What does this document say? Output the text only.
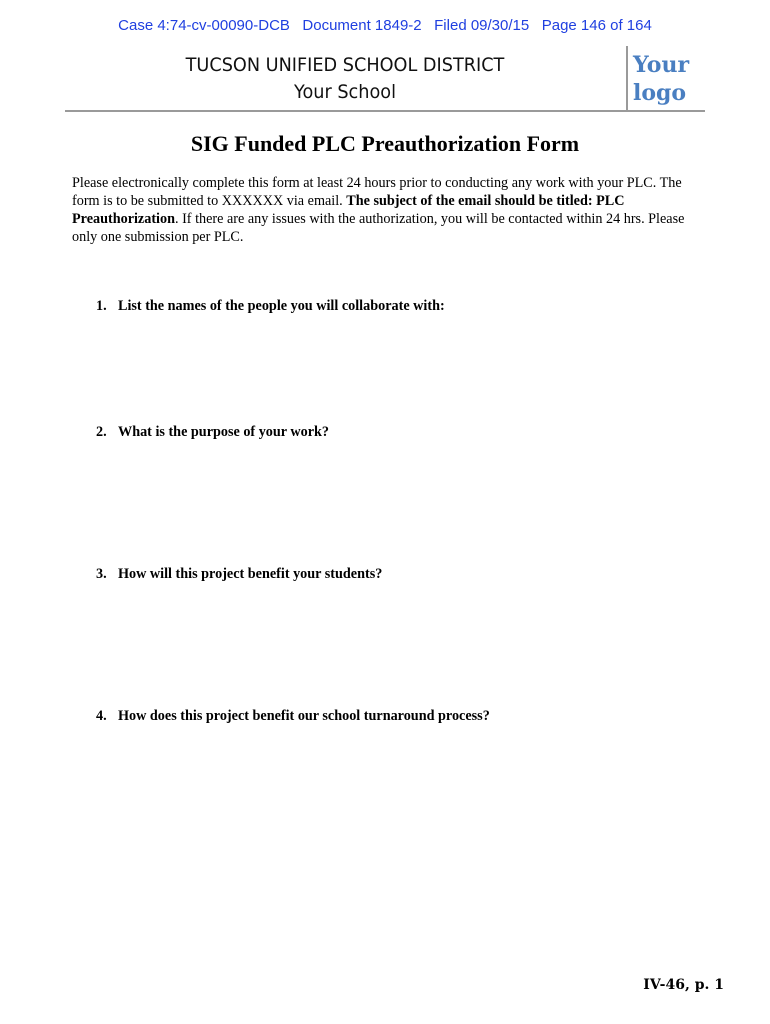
Case 4:74-cv-00090-DCB   Document 1849-2   Filed 09/30/15   Page 146 of 164
TUCSON UNIFIED SCHOOL DISTRICT
Your School
Your
logo
SIG Funded PLC Preauthorization Form
Please electronically complete this form at least 24 hours prior to conducting any work with your PLC. The form is to be submitted to XXXXXX via email. The subject of the email should be titled: PLC Preauthorization. If there are any issues with the authorization, you will be contacted within 24 hrs. Please only one submission per PLC.
1. List the names of the people you will collaborate with:
2. What is the purpose of your work?
3. How will this project benefit your students?
4. How does this project benefit our school turnaround process?
IV-46, p. 1
